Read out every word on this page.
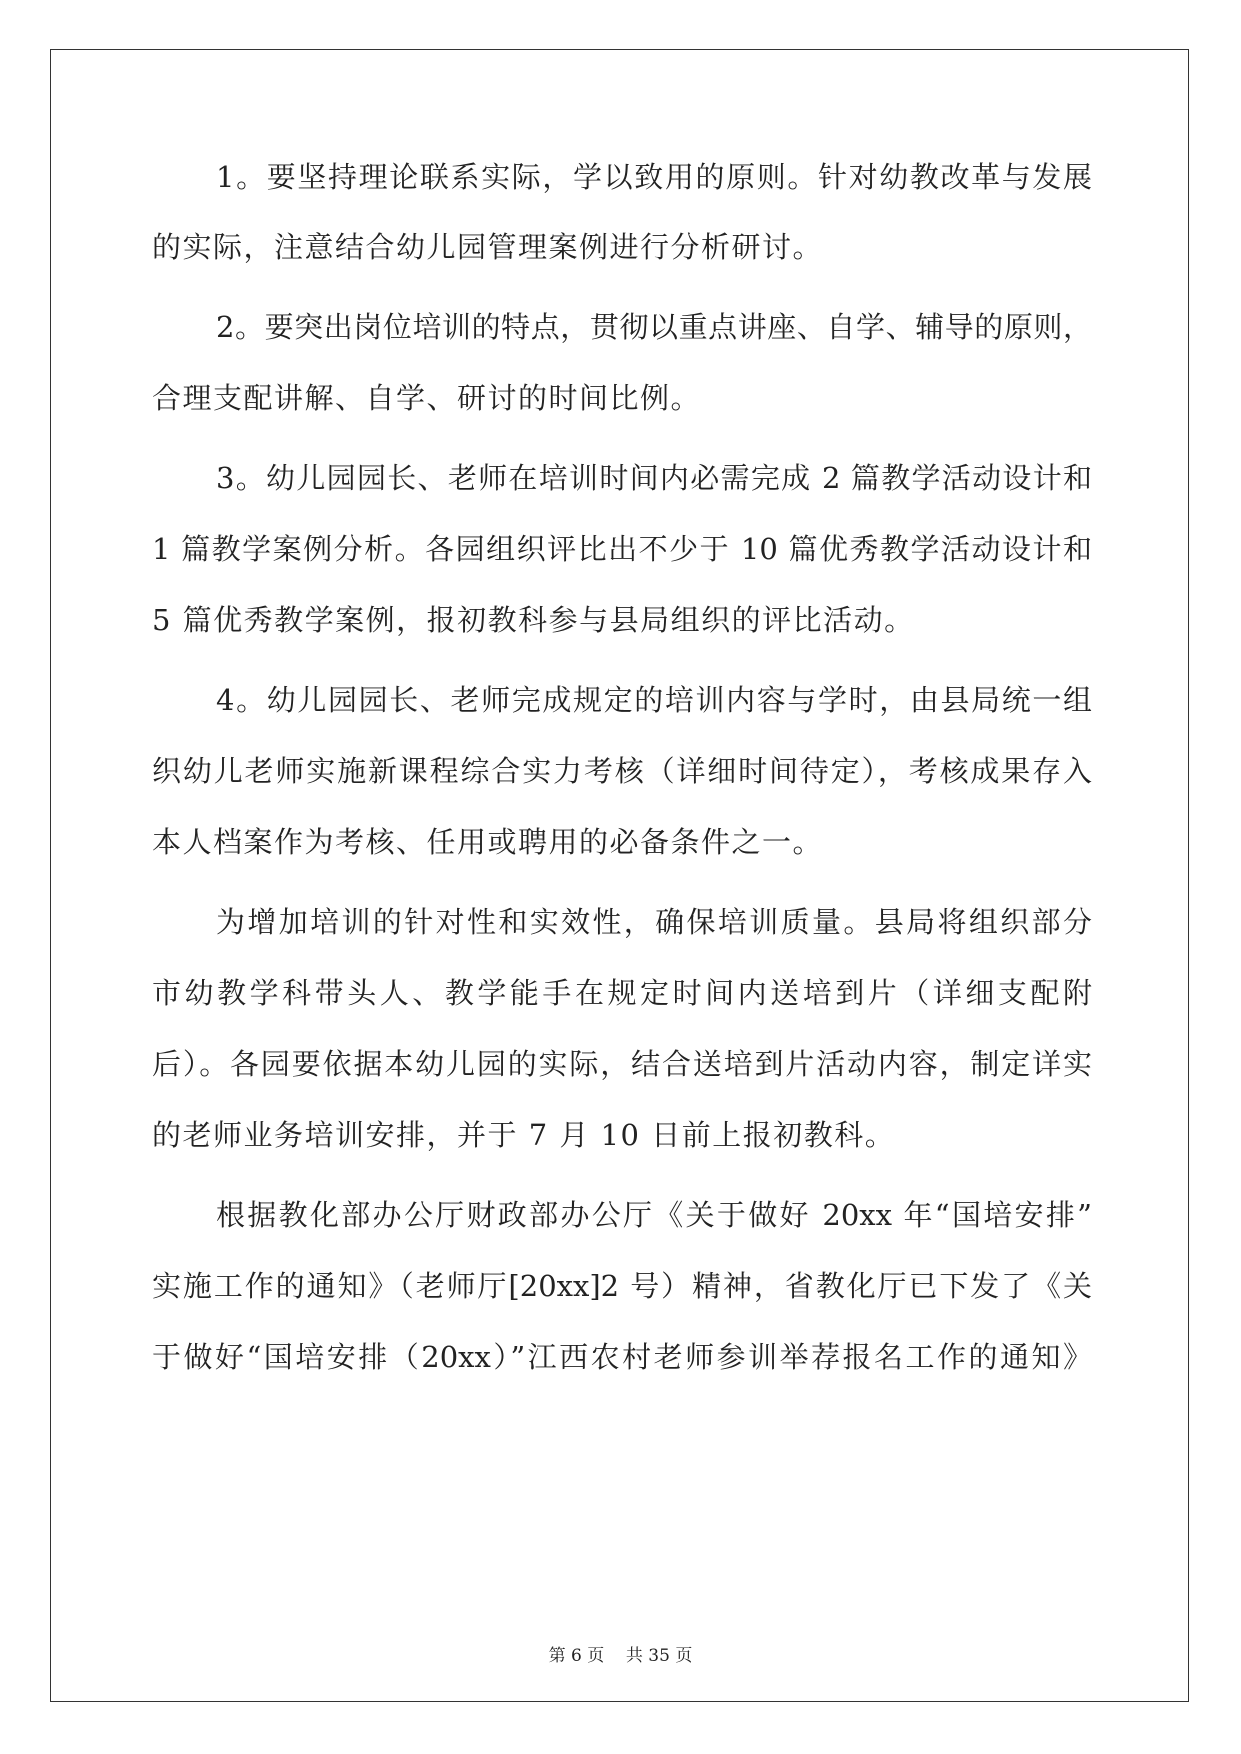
1。要坚持理论联系实际，学以致用的原则。针对幼教改革与发展
的实际，注意结合幼儿园管理案例进行分析研讨。
2。要突出岗位培训的特点，贯彻以重点讲座、自学、辅导的原则，
合理支配讲解、自学、研讨的时间比例。
3。幼儿园园长、老师在培训时间内必需完成 2 篇教学活动设计和
1 篇教学案例分析。各园组织评比出不少于 10 篇优秀教学活动设计和
5 篇优秀教学案例，报初教科参与县局组织的评比活动。
4。幼儿园园长、老师完成规定的培训内容与学时，由县局统一组
织幼儿老师实施新课程综合实力考核（详细时间待定），考核成果存入
本人档案作为考核、任用或聘用的必备条件之一。
为增加培训的针对性和实效性，确保培训质量。县局将组织部分
市幼教学科带头人、教学能手在规定时间内送培到片（详细支配附
后）。各园要依据本幼儿园的实际，结合送培到片活动内容，制定详实
的老师业务培训安排，并于 7 月 10 日前上报初教科。
根据教化部办公厅财政部办公厅《关于做好 20xx 年“国培安排”
实施工作的通知》（老师厅[20xx]2 号）精神，省教化厅已下发了《关
于做好“国培安排（20xx）”江西农村老师参训举荐报名工作的通知》
第 6 页    共 35 页
